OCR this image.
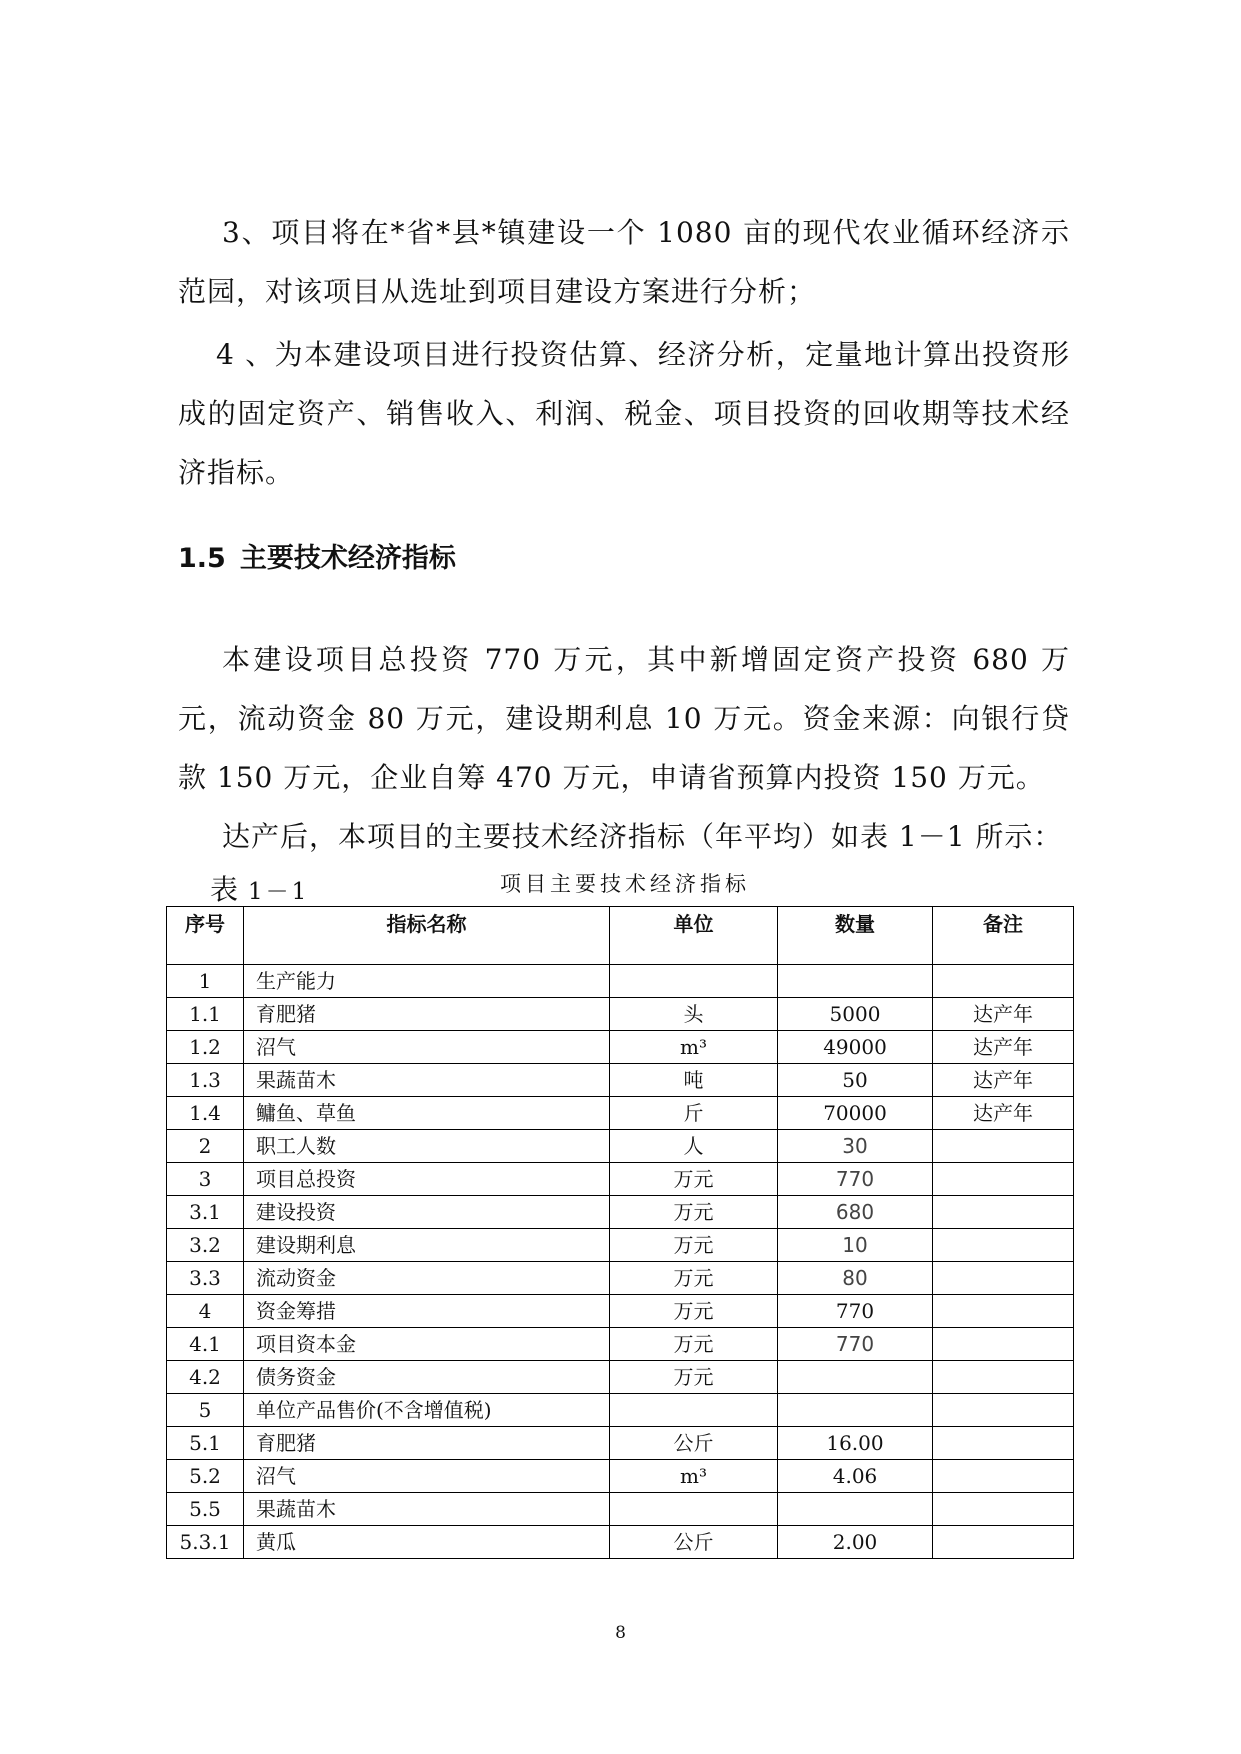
3、项目将在*省*县*镇建设一个 1080 亩的现代农业循环经济示范园，对该项目从选址到项目建设方案进行分析；

4 、为本建设项目进行投资估算、经济分析，定量地计算出投资形成的固定资产、销售收入、利润、税金、项目投资的回收期等技术经济指标。

1.5 主要技术经济指标

本建设项目总投资 770 万元，其中新增固定资产投资 680 万元，流动资金 80 万元，建设期利息 10 万元。资金来源：向银行贷款 150 万元，企业自筹 470 万元，申请省预算内投资 150 万元。

达产后，本项目的主要技术经济指标（年平均）如表 1－1 所示：

表 1－1	项目主要技术经济指标

序号	指标名称	单位	数量	备注
1	生产能力			
1.1	育肥猪	头	5000	达产年
1.2	沼气	m³	49000	达产年
1.3	果蔬苗木	吨	50	达产年
1.4	鳙鱼、草鱼	斤	70000	达产年
2	职工人数	人	30	
3	项目总投资	万元	770	
3.1	建设投资	万元	680	
3.2	建设期利息	万元	10	
3.3	流动资金	万元	80	
4	资金筹措	万元	770	
4.1	项目资本金	万元	770	
4.2	债务资金	万元		
5	单位产品售价(不含增值税)			
5.1	育肥猪	公斤	16.00	
5.2	沼气	m³	4.06	
5.5	果蔬苗木			
5.3.1	黄瓜	公斤	2.00	

8
